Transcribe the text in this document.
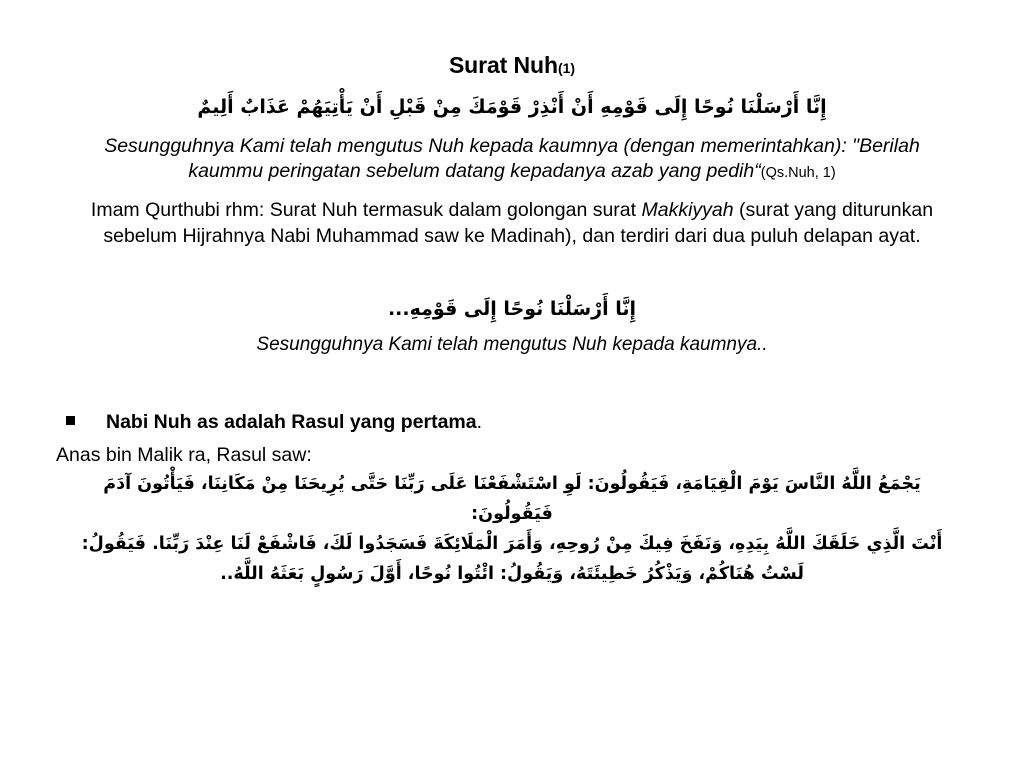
Surat Nuh(1)
إِنَّا أَرْسَلْنَا نُوحًا إِلَى قَوْمِهِ أَنْ أَنْذِرْ قَوْمَكَ مِنْ قَبْلِ أَنْ يَأْتِيَهُمْ عَذَابٌ أَلِيمٌ
Sesungguhnya Kami telah mengutus Nuh kepada kaumnya (dengan memerintahkan): "Berilah kaummu peringatan sebelum datang kepadanya azab yang pedih“(Qs.Nuh, 1)
Imam Qurthubi rhm: Surat Nuh termasuk dalam golongan surat Makkiyyah (surat yang diturunkan sebelum Hijrahnya Nabi Muhammad saw ke Madinah), dan terdiri dari dua puluh delapan ayat.
إِنَّا أَرْسَلْنَا نُوحًا إِلَى قَوْمِهِ...
Sesungguhnya Kami telah mengutus Nuh kepada kaumnya..
Nabi Nuh as adalah Rasul yang pertama.
Anas bin Malik ra, Rasul saw:
يَجْمَعُ اللَّهُ النَّاسَ يَوْمَ الْقِيَامَةِ، فَيَقُولُونَ: لَوِ اسْتَشْفَعْنَا عَلَى رَبِّنَا حَتَّى يُرِيحَنَا مِنْ مَكَانِنَا، فَيَأْتُونَ آدَمَ فَيَقُولُونَ:
أَنْتَ الَّذِي خَلَقَكَ اللَّهُ بِيَدِهِ، وَنَفَخَ فِيكَ مِنْ رُوحِهِ، وَأَمَرَ الْمَلَائِكَةَ فَسَجَدُوا لَكَ، فَاشْفَعْ لَنَا عِنْدَ رَبِّنَا. فَيَقُولُ:
لَسْتُ هُنَاكُمْ، وَيَذْكُرُ خَطِيئَتَهُ، وَيَقُولُ: ائْتُوا نُوحًا، أَوَّلَ رَسُولٍ بَعَثَهُ اللَّهُ..
